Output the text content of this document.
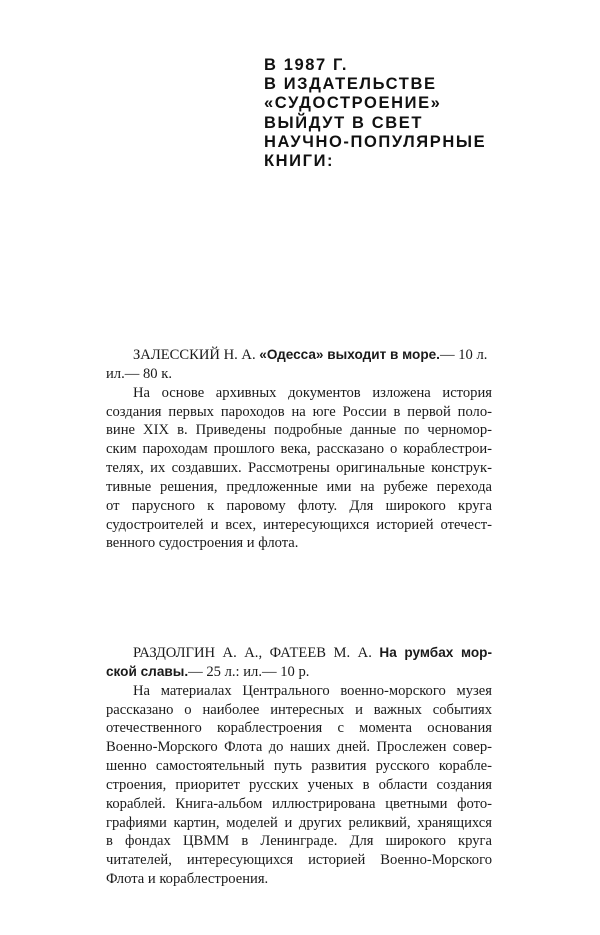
В 1987 Г.
В ИЗДАТЕЛЬСТВЕ
«СУДОСТРОЕНИЕ»
ВЫЙДУТ В СВЕТ
НАУЧНО-ПОПУЛЯРНЫЕ
КНИГИ:
ЗАЛЕССКИЙ Н. А. «Одесса» выходит в море.— 10 л.
ил.— 80 к.
На основе архивных документов изложена история
создания первых пароходов на юге России в первой поло-
вине XIX в. Приведены подробные данные по черномор-
ским пароходам прошлого века, рассказано о кораблестрои-
телях, их создавших. Рассмотрены оригинальные конструк-
тивные решения, предложенные ими на рубеже перехода
от парусного к паровому флоту. Для широкого круга
судостроителей и всех, интересующихся историей отечест-
венного судостроения и флота.
РАЗДОЛГИН А. А., ФАТЕЕВ М. А. На румбах мор-
ской славы.— 25 л.: ил.— 10 р.
На материалах Центрального военно-морского музея
рассказано о наиболее интересных и важных событиях
отечественного кораблестроения с момента основания
Военно-Морского Флота до наших дней. Прослежен совер-
шенно самостоятельный путь развития русского корабле-
строения, приоритет русских ученых в области создания
кораблей. Книга-альбом иллюстрирована цветными фото-
графиями картин, моделей и других реликвий, хранящихся
в фондах ЦВММ в Ленинграде. Для широкого круга
читателей, интересующихся историей Военно-Морского
Флота и кораблестроения.
